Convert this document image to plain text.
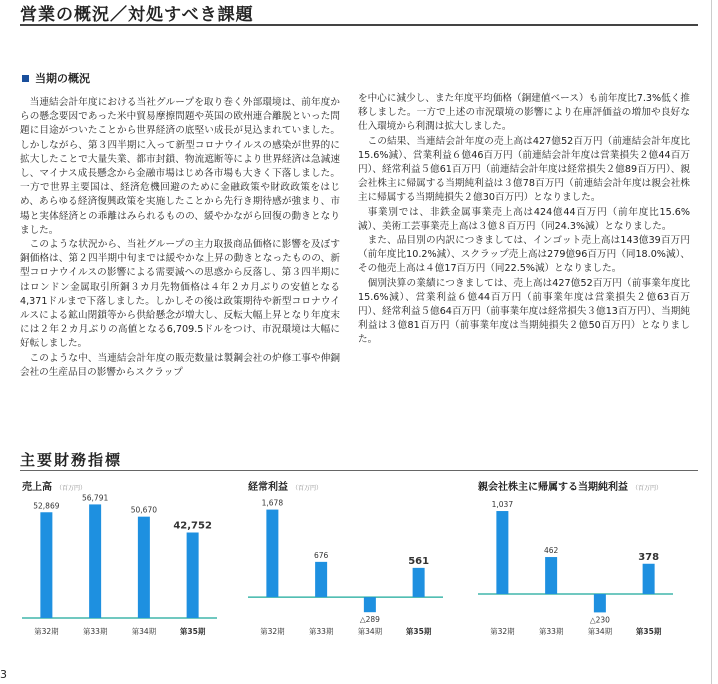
営業の概況／対処すべき課題
当期の概況

当連結会計年度における当社グループを取り巻く外部環境は、前年度からの懸念要因であった米中貿易摩擦問題や英国の欧州連合離脱といった問題に目途がついたことから世界経済の底堅い成長が見込まれていました。しかしながら、第３四半期に入って新型コロナウイルスの感染が世界的に拡大したことで大量失業、都市封鎖、物流遮断等により世界経済は急減速し、マイナス成長懸念から金融市場はじめ各市場も大きく下落しました。一方で世界主要国は、経済危機回避のために金融政策や財政政策をはじめ、あらゆる経済復興政策を実施したことから先行き期待感が強まり、市場と実体経済との乖離はみられるものの、緩やかながら回復の動きとなりました。

このような状況から、当社グループの主力取扱商品価格に影響を及ぼす銅価格は、第２四半期中旬までは緩やかな上昇の動きとなったものの、新型コロナウイルスの影響による需要減への思惑から反落し、第３四半期にはロンドン金属取引所銅３カ月先物価格は４年２カ月ぶりの安値となる4,371ドルまで下落しました。しかしその後は政策期待や新型コロナウイルスによる鉱山閉鎖等から供給懸念が増大し、反転大幅上昇となり年度末には２年２カ月ぶりの高値となる6,709.5ドルをつけ、市況環境は大幅に好転しました。

このような中、当連結会計年度の販売数量は製鋼会社の炉修工事や伸銅会社の生産品目の影響からスクラップ

を中心に減少し、また年度平均価格（銅建値ベース）も前年度比7.3%低く推移しました。一方で上述の市況環境の影響により在庫評価益の増加や良好な仕入環境から利潤は拡大しました。

この結果、当連結会計年度の売上高は427億52百万円（前連結会計年度比15.6%減）、営業利益６億46百万円（前連結会計年度は営業損失２億44百万円）、経常利益５億61百万円（前連結会計年度は経常損失２億89百万円）、親会社株主に帰属する当期純利益は３億78百万円（前連結会計年度は親会社株主に帰属する当期純損失２億30百万円）となりました。

事業別では、非鉄金属事業売上高は424億44百万円（前年度比15.6%減）、美術工芸事業売上高は３億８百万円（同24.3%減）となりました。

また、品目別の内訳につきましては、インゴット売上高は143億39百万円（前年度比10.2%減）、スクラップ売上高は279億96百万円（同18.0%減）、その他売上高は４億17百万円（同22.5%減）となりました。

個別決算の業績につきましては、売上高は427億52百万円（前事業年度比15.6%減）、営業利益６億44百万円（前事業年度は営業損失２億63百万円）、経常利益５億64百万円（前事業年度は経常損失３億13百万円）、当期純利益は３億81百万円（前事業年度は当期純損失２億50百万円）となりました。

主要財務指標
売上高 （百万円）
52,869
第32期
56,791
第33期
50,670
第34期
42,752
第35期
経常利益 （百万円）
1,678
第32期
676
第33期
△289
第34期
561
第35期
親会社株主に帰属する当期純利益 （百万円）
1,037
第32期
462
第33期
△230
第34期
378
第35期
3
